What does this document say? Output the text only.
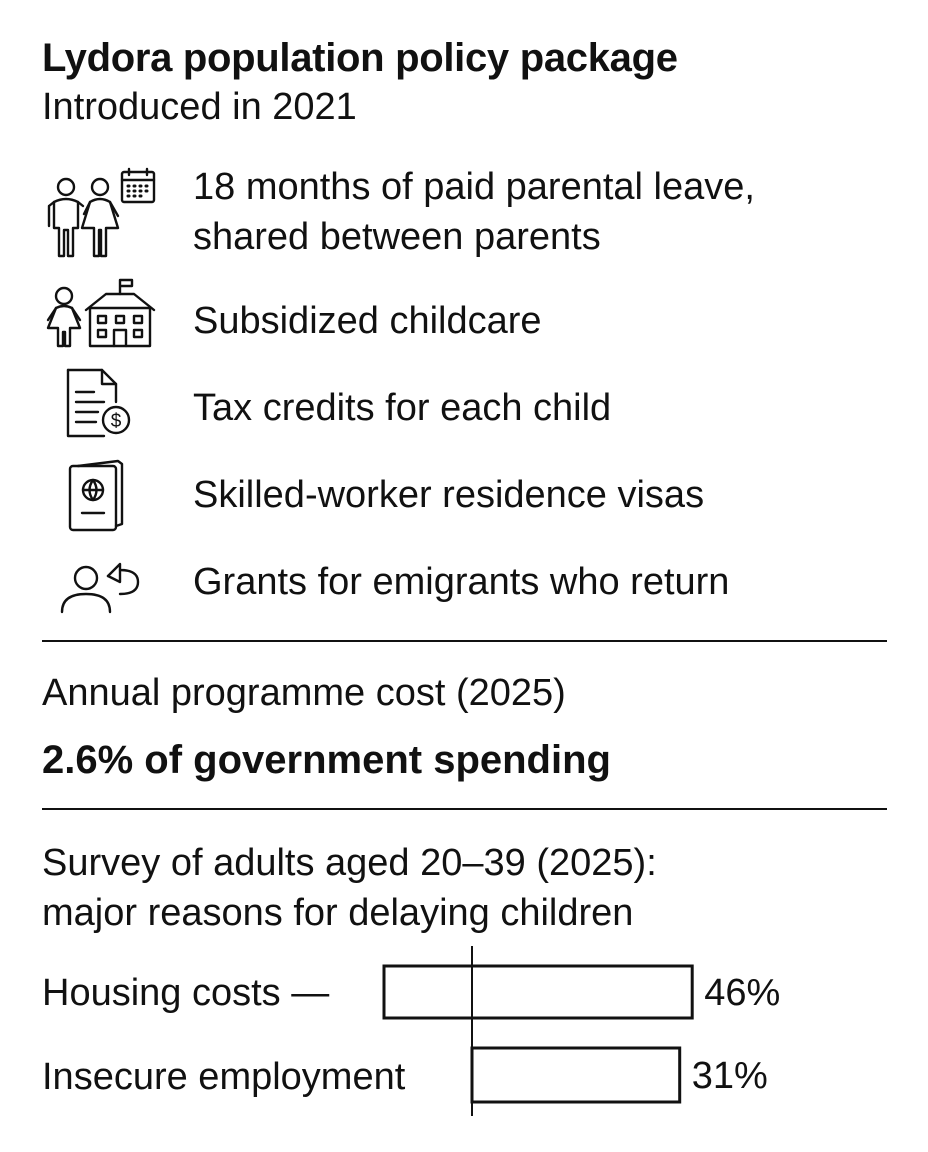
Lydora population policy package
Introduced in 2021
18 months of paid parental leave,
shared between parents
Subsidized childcare
$ Tax credits for each child
Skilled-worker residence visas
Grants for emigrants who return
Annual programme cost (2025)
2.6% of government spending
Survey of adults aged 20–39 (2025):
major reasons for delaying children
Housing costs —
Insecure employment
46%
31%
